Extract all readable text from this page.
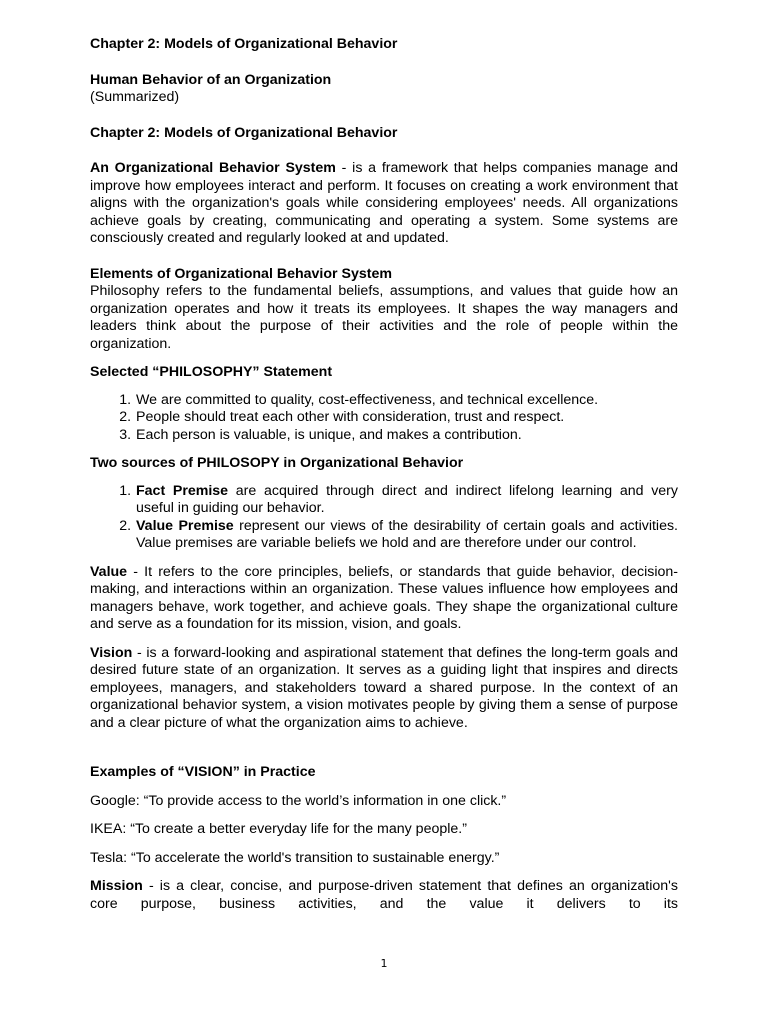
Chapter 2: Models of Organizational Behavior

Human Behavior of an Organization

(Summarized)

Chapter 2: Models of Organizational Behavior

An Organizational Behavior System - is a framework that helps companies manage and improve how employees interact and perform. It focuses on creating a work environment that aligns with the organization's goals while considering employees' needs. All organizations achieve goals by creating, communicating and operating a system. Some systems are consciously created and regularly looked at and updated.

Elements of Organizational Behavior System

Philosophy refers to the fundamental beliefs, assumptions, and values that guide how an organization operates and how it treats its employees. It shapes the way managers and leaders think about the purpose of their activities and the role of people within the organization.

Selected “PHILOSOPHY” Statement

1. We are committed to quality, cost-effectiveness, and technical excellence.
2. People should treat each other with consideration, trust and respect.
3. Each person is valuable, is unique, and makes a contribution.

Two sources of PHILOSOPY in Organizational Behavior

1. Fact Premise are acquired through direct and indirect lifelong learning and very useful in guiding our behavior.
2. Value Premise represent our views of the desirability of certain goals and activities. Value premises are variable beliefs we hold and are therefore under our control.

Value - It refers to the core principles, beliefs, or standards that guide behavior, decision-making, and interactions within an organization. These values influence how employees and managers behave, work together, and achieve goals. They shape the organizational culture and serve as a foundation for its mission, vision, and goals.

Vision - is a forward-looking and aspirational statement that defines the long-term goals and desired future state of an organization. It serves as a guiding light that inspires and directs employees, managers, and stakeholders toward a shared purpose. In the context of an organizational behavior system, a vision motivates people by giving them a sense of purpose and a clear picture of what the organization aims to achieve.

Examples of “VISION” in Practice

Google: “To provide access to the world’s information in one click.”

IKEA: “To create a better everyday life for the many people.”

Tesla: “To accelerate the world's transition to sustainable energy.”

Mission - is a clear, concise, and purpose-driven statement that defines an organization's core purpose, business activities, and the value it delivers to its

1
